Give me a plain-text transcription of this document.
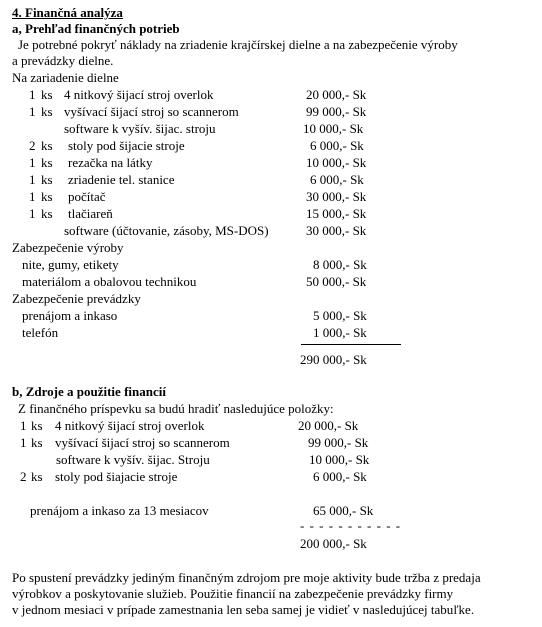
4. Finančná analýza
a, Prehľad finančných potrieb
Je potrebné pokryť náklady na zriadenie krajčírskej dielne a na zabezpečenie výroby
a prevádzky dielne.
Na zariadenie dielne
1 ks 4 nitkový šijací stroj overlok	20 000,- Sk
1 ks vyšívací šijací stroj so scannerom	99 000,- Sk
software k vyšív. šijac. stroju	10 000,- Sk
2 ks stoly pod šijacie stroje	6 000,- Sk
1 ks rezačka na látky	10 000,- Sk
1 ks zriadenie tel. stanice	6 000,- Sk
1 ks počítač	30 000,- Sk
1 ks tlačiareň	15 000,- Sk
software (účtovanie, zásoby, MS-DOS)	30 000,- Sk
Zabezpečenie výroby
nite, gumy, etikety	8 000,- Sk
materiálom a obalovou technikou	50 000,- Sk
Zabezpečenie prevádzky
prenájom a inkaso	5 000,- Sk
telefón	1 000,- Sk
290 000,- Sk
b, Zdroje a použitie financií
Z finančného príspevku sa budú hradiť nasledujúce položky:
1 ks 4 nitkový šijací stroj overlok	20 000,- Sk
1 ks vyšívací šijací stroj so scannerom	99 000,- Sk
software k vyšív. šijac. Stroju	10 000,- Sk
2 ks stoly pod šiajacie stroje	6 000,- Sk
prenájom a inkaso za 13 mesiacov	65 000,- Sk
- - - - - - - - - - -
200 000,- Sk
Po spustení prevádzky jediným finančným zdrojom pre moje aktivity bude tržba z predaja
výrobkov a poskytovanie služieb. Použitie financií na zabezpečenie prevádzky firmy
v jednom mesiaci v prípade zamestnania len seba samej je vidieť v nasledujúcej tabuľke.
